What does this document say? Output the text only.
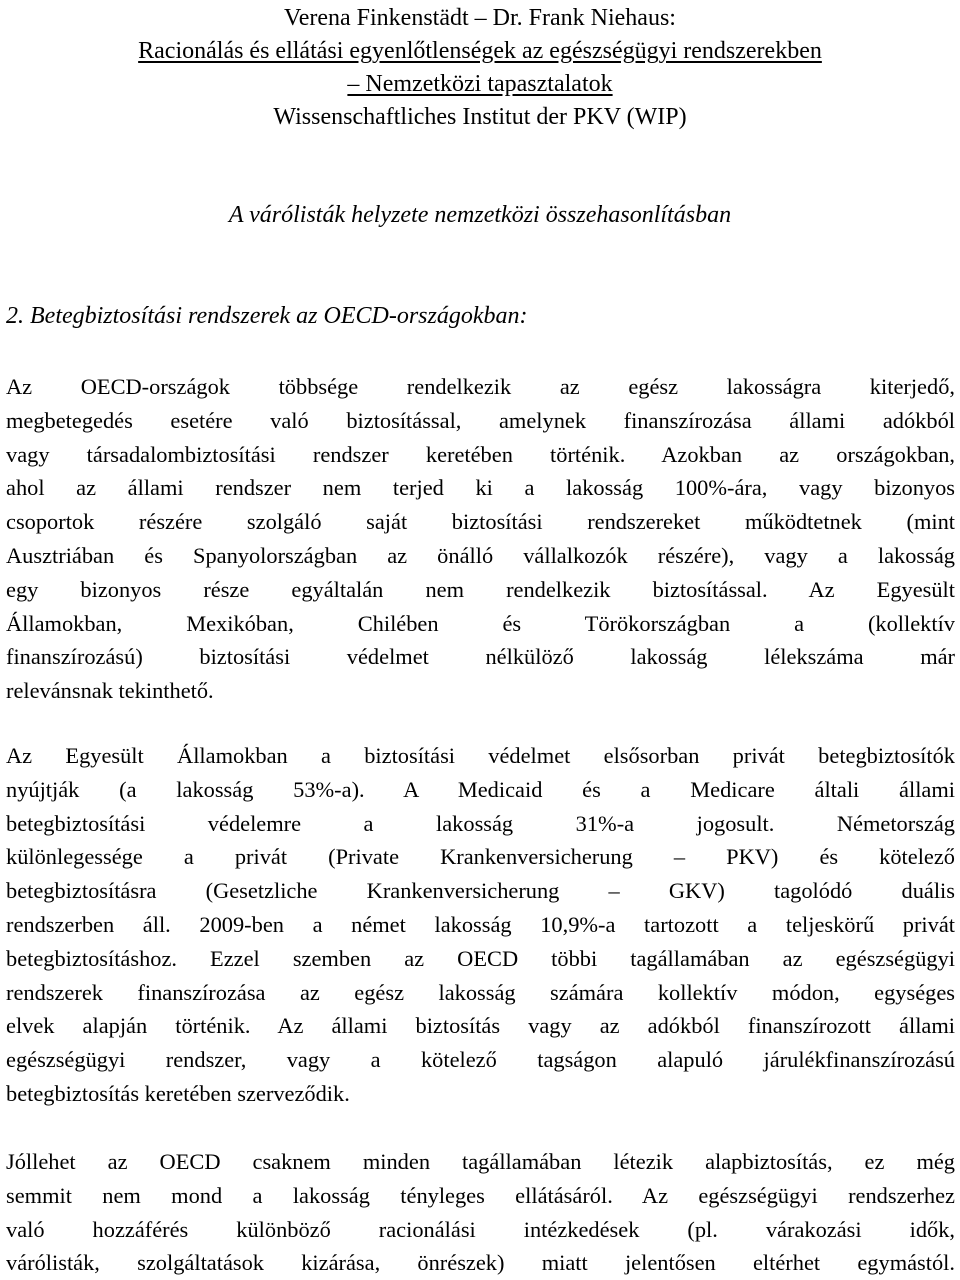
Verena Finkenstädt – Dr. Frank Niehaus:
Racionálás és ellátási egyenlőtlenségek az egészségügyi rendszerekben
– Nemzetközi tapasztalatok
Wissenschaftliches Institut der PKV (WIP)
A várólisták helyzete nemzetközi összehasonlításban
2. Betegbiztosítási rendszerek az OECD-országokban:
Az OECD-országok többsége rendelkezik az egész lakosságra kiterjedő,
megbetegedés esetére való biztosítással, amelynek finanszírozása állami adókból
vagy társadalombiztosítási rendszer keretében történik. Azokban az országokban,
ahol az állami rendszer nem terjed ki a lakosság 100%-ára, vagy bizonyos
csoportok részére szolgáló saját biztosítási rendszereket működtetnek (mint
Ausztriában és Spanyolországban az önálló vállalkozók részére), vagy a lakosság
egy bizonyos része egyáltalán nem rendelkezik biztosítással. Az Egyesült
Államokban, Mexikóban, Chilében és Törökországban a (kollektív
finanszírozású) biztosítási védelmet nélkülöző lakosság lélekszáma már
relevánsnak tekinthető.
Az Egyesült Államokban a biztosítási védelmet elsősorban privát betegbiztosítók
nyújtják (a lakosság 53%-a). A Medicaid és a Medicare általi állami
betegbiztosítási védelemre a lakosság 31%-a jogosult. Németország
különlegessége a privát (Private Krankenversicherung – PKV) és kötelező
betegbiztosításra (Gesetzliche Krankenversicherung – GKV) tagolódó duális
rendszerben áll. 2009-ben a német lakosság 10,9%-a tartozott a teljeskörű privát
betegbiztosításhoz. Ezzel szemben az OECD többi tagállamában az egészségügyi
rendszerek finanszírozása az egész lakosság számára kollektív módon, egységes
elvek alapján történik. Az állami biztosítás vagy az adókból finanszírozott állami
egészségügyi rendszer, vagy a kötelező tagságon alapuló járulékfinanszírozású
betegbiztosítás keretében szerveződik.
Jóllehet az OECD csaknem minden tagállamában létezik alapbiztosítás, ez még
semmit nem mond a lakosság tényleges ellátásáról. Az egészségügyi rendszerhez
való hozzáférés különböző racionálási intézkedések (pl. várakozási idők,
várólisták, szolgáltatások kizárása, önrészek) miatt jelentősen eltérhet egymástól.
